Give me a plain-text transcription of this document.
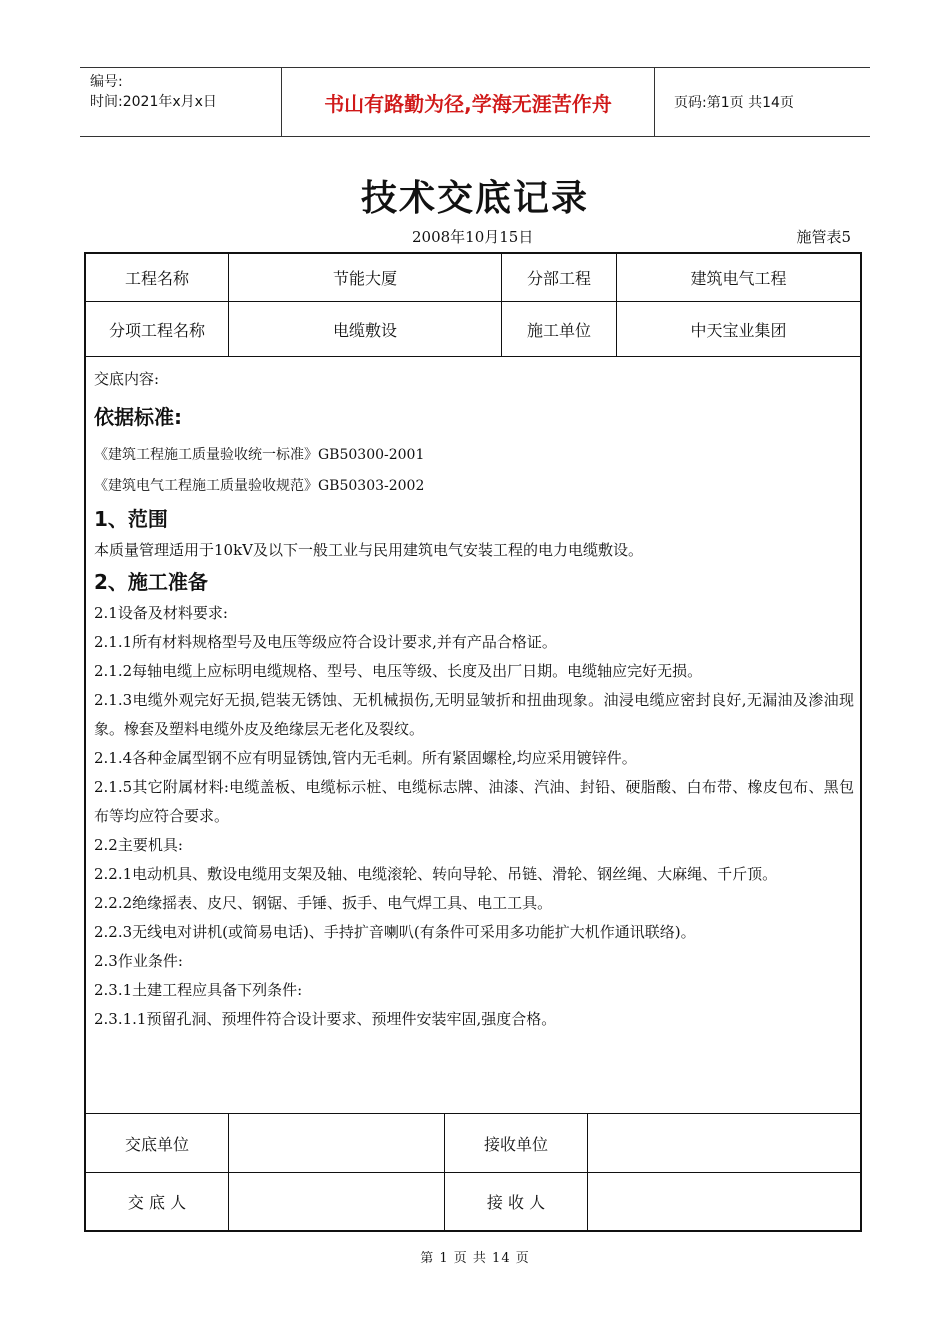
编号:
时间:2021年x月x日	书山有路勤为径,学海无涯苦作舟	页码:第1页 共14页
技术交底记录
2008年10月15日	施管表5
工程名称	节能大厦	分部工程	建筑电气工程
分项工程名称	电缆敷设	施工单位	中天宝业集团
交底内容:
依据标准:

《建筑工程施工质量验收统一标准》GB50300-2001

《建筑电气工程施工质量验收规范》GB50303-2002

1、范围

本质量管理适用于10kV及以下一般工业与民用建筑电气安装工程的电力电缆敷设。

2、施工准备

2.1设备及材料要求:

2.1.1所有材料规格型号及电压等级应符合设计要求,并有产品合格证。

2.1.2每轴电缆上应标明电缆规格、型号、电压等级、长度及出厂日期。电缆轴应完好无损。

2.1.3电缆外观完好无损,铠装无锈蚀、无机械损伤,无明显皱折和扭曲现象。油浸电缆应密封良好,无漏油及渗油现象。橡套及塑料电缆外皮及绝缘层无老化及裂纹。

2.1.4各种金属型钢不应有明显锈蚀,管内无毛刺。所有紧固螺栓,均应采用镀锌件。

2.1.5其它附属材料:电缆盖板、电缆标示桩、电缆标志牌、油漆、汽油、封铅、硬脂酸、白布带、橡皮包布、黑包布等均应符合要求。

2.2主要机具:

2.2.1电动机具、敷设电缆用支架及轴、电缆滚轮、转向导轮、吊链、滑轮、钢丝绳、大麻绳、千斤顶。

2.2.2绝缘摇表、皮尺、钢锯、手锤、扳手、电气焊工具、电工工具。

2.2.3无线电对讲机(或简易电话)、手持扩音喇叭(有条件可采用多功能扩大机作通讯联络)。

2.3作业条件:

2.3.1土建工程应具备下列条件:

2.3.1.1预留孔洞、预埋件符合设计要求、预埋件安装牢固,强度合格。

交底单位	接收单位
交 底 人	接 收 人
第 1 页 共 14 页
